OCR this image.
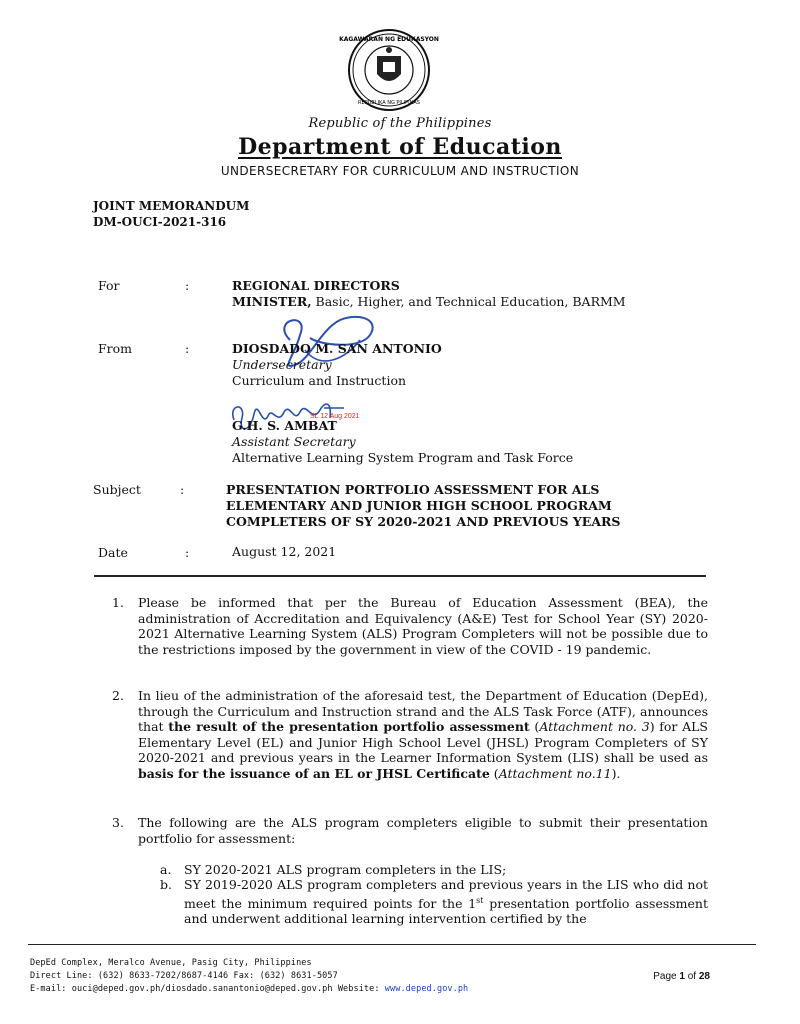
KAGAWARAN NG EDUKASYON
REPUBLIKA NG PILIPINAS
Republic of the Philippines
Department of Education
UNDERSECRETARY FOR CURRICULUM AND INSTRUCTION
JOINT MEMORANDUM
DM-OUCI-2021-316
For	:	REGIONAL DIRECTORS
MINISTER, Basic, Higher, and Technical Education, BARMM
From	:	DIOSDADO M. SAN ANTONIO
Undersecretary
Curriculum and Instruction
SL 12 Aug 2021
G.H. S. AMBAT
Assistant Secretary
Alternative Learning System Program and Task Force
Subject	:	PRESENTATION PORTFOLIO ASSESSMENT FOR ALS
ELEMENTARY AND JUNIOR HIGH SCHOOL PROGRAM
COMPLETERS OF SY 2020-2021 AND PREVIOUS YEARS
Date	:	August 12, 2021
1. Please be informed that per the Bureau of Education Assessment (BEA), the administration of Accreditation and Equivalency (A&E) Test for School Year (SY) 2020-2021 Alternative Learning System (ALS) Program Completers will not be possible due to the restrictions imposed by the government in view of the COVID - 19 pandemic.
2. In lieu of the administration of the aforesaid test, the Department of Education (DepEd), through the Curriculum and Instruction strand and the ALS Task Force (ATF), announces that the result of the presentation portfolio assessment (Attachment no. 3) for ALS Elementary Level (EL) and Junior High School Level (JHSL) Program Completers of SY 2020-2021 and previous years in the Learner Information System (LIS) shall be used as basis for the issuance of an EL or JHSL Certificate (Attachment no.11).
3. The following are the ALS program completers eligible to submit their presentation portfolio for assessment:
a. SY 2020-2021 ALS program completers in the LIS;
b. SY 2019-2020 ALS program completers and previous years in the LIS who did not meet the minimum required points for the 1st presentation portfolio assessment and underwent additional learning intervention certified by the
DepEd Complex, Meralco Avenue, Pasig City, Philippines
Direct Line: (632) 8633-7202/8687-4146 Fax: (632) 8631-5057
E-mail: ouci@deped.gov.ph/diosdado.sanantonio@deped.gov.ph Website: www.deped.gov.ph
Page 1 of 28
